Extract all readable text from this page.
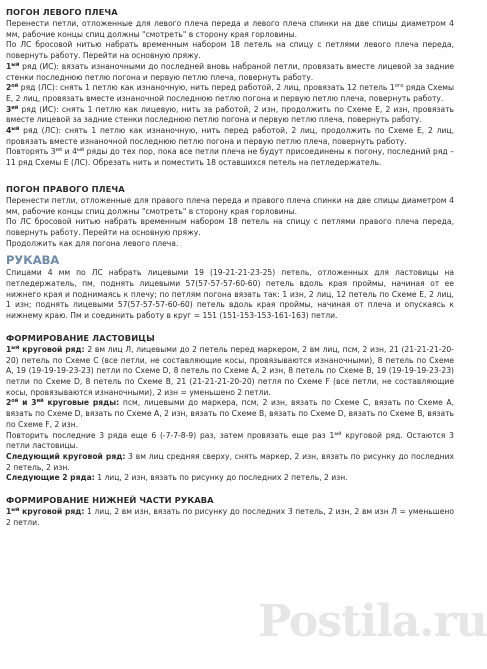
ПОГОН ЛЕВОГО ПЛЕЧА

Перенести петли, отложенные для левого плеча переда и левого плеча спинки на две спицы диаметром 4 мм, рабочие концы спиц должны "смотреть" в сторону края горловины.

По ЛС бросовой нитью набрать временным набором 18 петель на спицу с петлями левого плеча переда, повернуть работу. Перейти на основную пряжу.

$1^{ый}$ ряд (ИС): вязать изнаночными до последней вновь набраной петли, провязать вместе лицевой за задние стенки последнюю петлю погона и первую петлю плеча, повернуть работу.

$2^{ой}$ ряд (ЛС): снять 1 петлю как изнаночную, нить перед работой, 2 лиц, провязать 12 петель $1^{ого}$ ряда Схемы E, 2 лиц, провязать вместе изнаночной последнюю петлю погона и первую петлю плеча, повернуть работу.

$3^{ий}$ ряд (ИС): снять 1 петлю как лицевую, нить за работой, 2 изн, продолжить по Схеме E, 2 изн, провязать вместе лицевой за задние стенки последнюю петлю погона и первую петлю плеча, повернуть работу.

$4^{ый}$ ряд (ЛС): снять 1 петлю как изнаночную, нить перед работой, 2 лиц, продолжить по Схеме E, 2 лиц, провязать вместе изнаночной последнюю петлю погона и первую петлю плеча, повернуть работу.

Повторять $3^{ий}$ и $4^{ый}$ ряды до тех пор, пока все петли плеча не будут присоединены к погону, последний ряд – 11 ряд Схемы E (ЛС). Обрезать нить и поместить 18 оставшихся петель на петледержатель.

ПОГОН ПРАВОГО ПЛЕЧА

Перенести петли, отложенные для правого плеча переда и правого плеча спинки на две спицы диаметром 4 мм, рабочие концы спиц должны "смотреть" в сторону края горловины.

По ЛС бросовой нитью набрать временным набором 18 петель на спицу с петлями правого плеча переда, повернуть работу. Перейти на основную пряжу.

Продолжить как для погона левого плеча.

РУКАВА

Спицами 4 мм по ЛС набрать лицевыми 19 (19-21-21-23-25) петель, отложенных для ластовицы на петледержатель, пм, поднять лицевыми 57(57-57-57-60-60) петель вдоль края проймы, начиная от ее нижнего края и поднимаясь к плечу; по петлям погона вязать так: 1 изн, 2 лиц, 12 петель по Схеме E, 2 лиц, 1 изн; поднять лицевыми 57(57-57-57-60-60) петель вдоль края проймы, начиная от плеча и опускаясь к нижнему краю. Пм и соединить работу в круг = 151 (151-153-153-161-163) петли.

ФОРМИРОВАНИЕ ЛАСТОВИЦЫ

$1^{ый}$ круговой ряд: 2 вм лиц Л, лицевыми до 2 петель перед маркером, 2 вм лиц, псм, 2 изн, 21 (21-21-21-20-20) петель по Схеме С (все петли, не составляющие косы, провязываются изнаночными), 8 петель по Схеме А, 19 (19-19-19-23-23) петли по Схеме D, 8 петель по Схеме A, 2 изн, 8 петель по Схеме B, 19 (19-19-19-23-23) петли по Схеме D, 8 петель по Схеме B, 21 (21-21-21-20-20) петля по Схеме F (все петли, не составляющие косы, провязываются изнаночными), 2 изн = уменьшено 2 петли.

$2^{ой}$ и $3^{ий}$ круговые ряды: псм, лицевыми до маркера, псм, 2 изн, вязать по Схеме С, вязать по Схеме A, вязать по Схеме D, вязать по Схеме A, 2 изн, вязать по Схеме B, вязать по Схеме D, вязать по Схеме B, вязать по Схеме F, 2 изн.

Повторить последние 3 ряда еще 6 (-7-7-8-9) раз, затем провязать еще раз $1^{ый}$ круговой ряд. Остаются 3 петли ластовицы.

Следующий круговой ряд: 3 вм лиц средняя сверху, снять маркер, 2 изн, вязать по рисунку до последних 2 петель, 2 изн.

Следующие 2 ряда: 1 лиц, 2 изн, вязать по рисунку до последних 2 петель, 2 изн.

ФОРМИРОВАНИЕ НИЖНЕЙ ЧАСТИ РУКАВА

$1^{ый}$ круговой ряд: 1 лиц, 2 вм изн, вязать по рисунку до последних 3 петель, 2 изн, 2 вм изн Л = уменьшено 2 петли.

Postila.ru
